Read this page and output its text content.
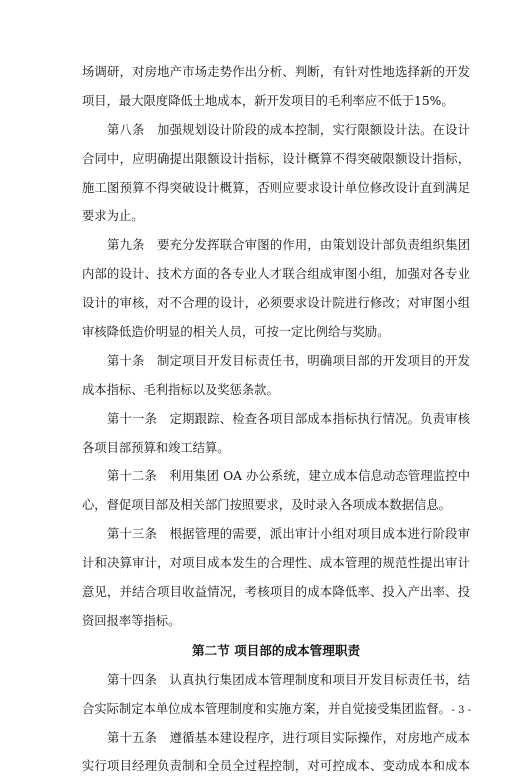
场调研，对房地产市场走势作出分析、判断，有针对性地选择新的开发
项目，最大限度降低土地成本，新开发项目的毛利率应不低于15%。
第八条　加强规划设计阶段的成本控制，实行限额设计法。在设计
合同中，应明确提出限额设计指标，设计概算不得突破限额设计指标，
施工图预算不得突破设计概算，否则应要求设计单位修改设计直到满足
要求为止。
第九条　要充分发挥联合审图的作用，由策划设计部负责组织集团
内部的设计、技术方面的各专业人才联合组成审图小组，加强对各专业
设计的审核，对不合理的设计，必须要求设计院进行修改；对审图小组
审核降低造价明显的相关人员，可按一定比例给与奖励。
第十条　制定项目开发目标责任书，明确项目部的开发项目的开发
成本指标、毛利指标以及奖惩条款。
第十一条　定期跟踪、检查各项目部成本指标执行情况。负责审核
各项目部预算和竣工结算。
第十二条　利用集团 OA 办公系统，建立成本信息动态管理监控中
心，督促项目部及相关部门按照要求，及时录入各项成本数据信息。
第十三条　根据管理的需要，派出审计小组对项目成本进行阶段审
计和决算审计，对项目成本发生的合理性、成本管理的规范性提出审计
意见，并结合项目收益情况，考核项目的成本降低率、投入产出率、投
资回报率等指标。
第二节 项目部的成本管理职责
第十四条　认真执行集团成本管理制度和项目开发目标责任书，结
合实际制定本单位成本管理制度和实施方案，并自觉接受集团监督。
第十五条　遵循基本建设程序，进行项目实际操作，对房地产成本
实行项目经理负责制和全员全过程控制，对可控成本、变动成本和成本
- 3 -
